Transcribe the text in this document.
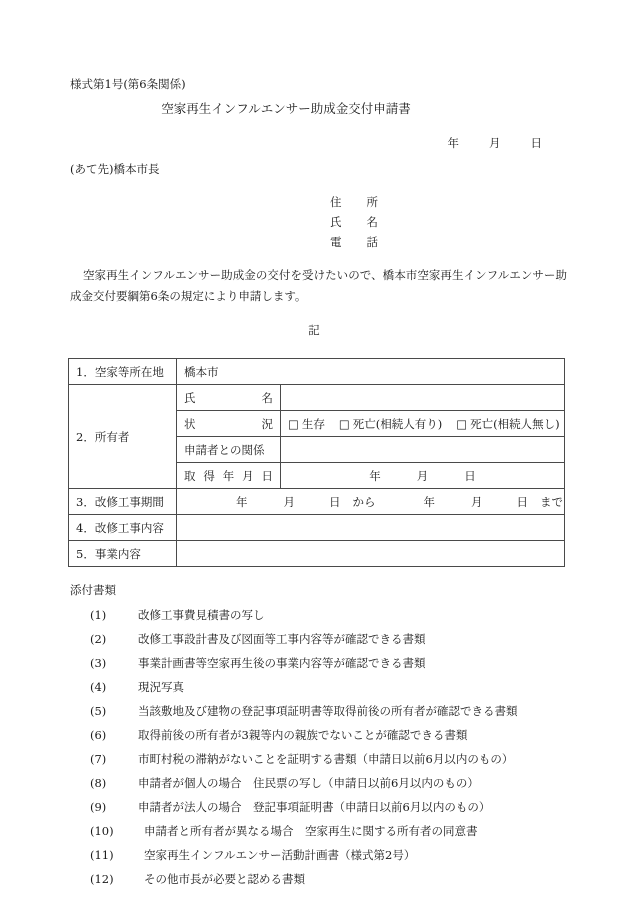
様式第1号(第6条関係)
空家再生インフルエンサー助成金交付申請書
年	月	日
(あて先)橋本市長
住所
氏名
電話
空家再生インフルエンサー助成金の交付を受けたいので、橋本市空家再生インフルエンサー助成金交付要綱第6条の規定により申請します。
記
1．空家等所在地	橋本市	
2．所有者	氏名	
	状況	□ 生存 □ 死亡(相続人有り) □ 死亡(相続人無し)
	申請者との関係	
	取得年月日	年 月 日
3．改修工事期間	年 月 日 から 年 月 日 まで	
4．改修工事内容		
5．事業内容		
添付書類
(1)	改修工事費見積書の写し
(2)	改修工事設計書及び図面等工事内容等が確認できる書類
(3)	事業計画書等空家再生後の事業内容等が確認できる書類
(4)	現況写真
(5)	当該敷地及び建物の登記事項証明書等取得前後の所有者が確認できる書類
(6)	取得前後の所有者が3親等内の親族でないことが確認できる書類
(7)	市町村税の滞納がないことを証明する書類（申請日以前6月以内のもの）
(8)	申請者が個人の場合　住民票の写し（申請日以前6月以内のもの）
(9)	申請者が法人の場合　登記事項証明書（申請日以前6月以内のもの）
(10)	申請者と所有者が異なる場合　空家再生に関する所有者の同意書
(11)	空家再生インフルエンサー活動計画書（様式第2号）
(12)	その他市長が必要と認める書類
